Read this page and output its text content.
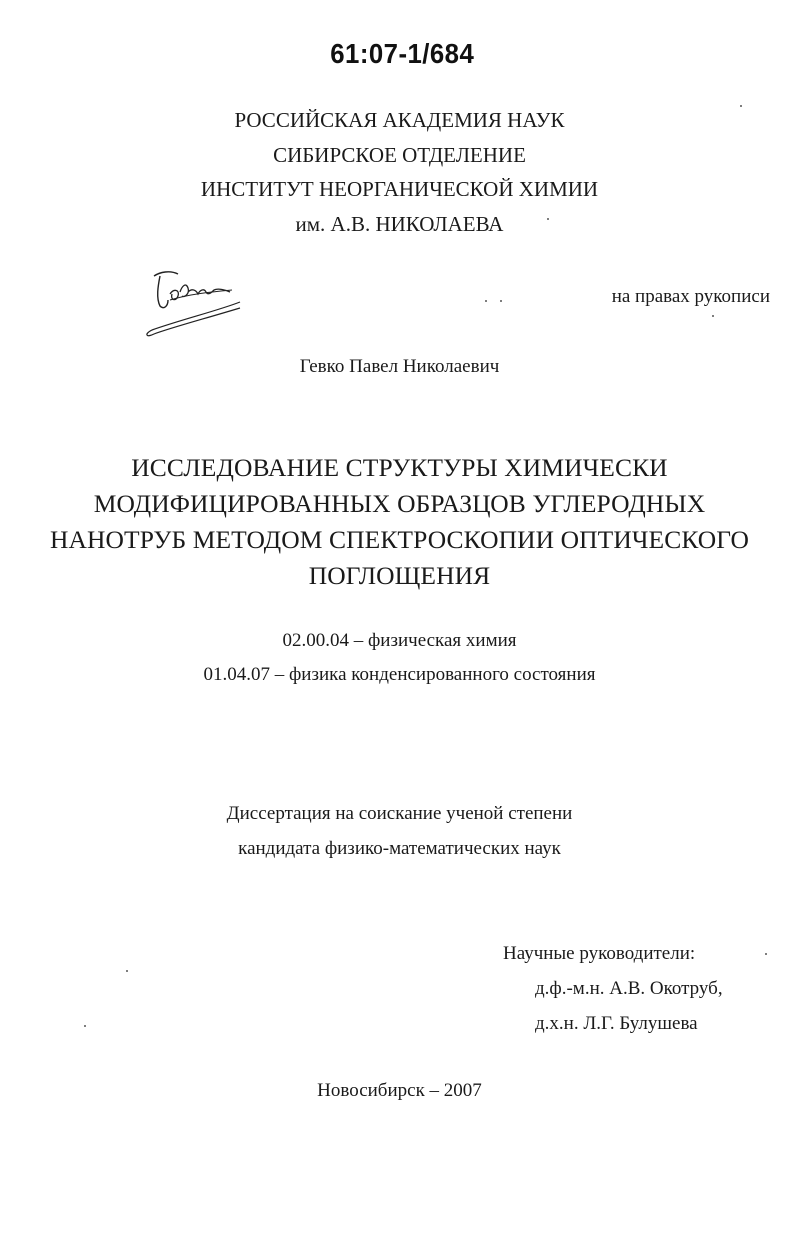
61:07-1/684
РОССИЙСКАЯ АКАДЕМИЯ НАУК
СИБИРСКОЕ ОТДЕЛЕНИЕ
ИНСТИТУТ НЕОРГАНИЧЕСКОЙ ХИМИИ
им. А.В. НИКОЛАЕВА
на правах рукописи
Гевко Павел Николаевич
ИССЛЕДОВАНИЕ СТРУКТУРЫ ХИМИЧЕСКИ
МОДИФИЦИРОВАННЫХ ОБРАЗЦОВ УГЛЕРОДНЫХ
НАНОТРУБ МЕТОДОМ СПЕКТРОСКОПИИ ОПТИЧЕСКОГО
ПОГЛОЩЕНИЯ
02.00.04 – физическая химия
01.04.07 – физика конденсированного состояния
Диссертация на соискание ученой степени
кандидата физико-математических наук
Научные руководители:
д.ф.-м.н. А.В. Окотруб,
д.х.н. Л.Г. Булушева
Новосибирск – 2007
